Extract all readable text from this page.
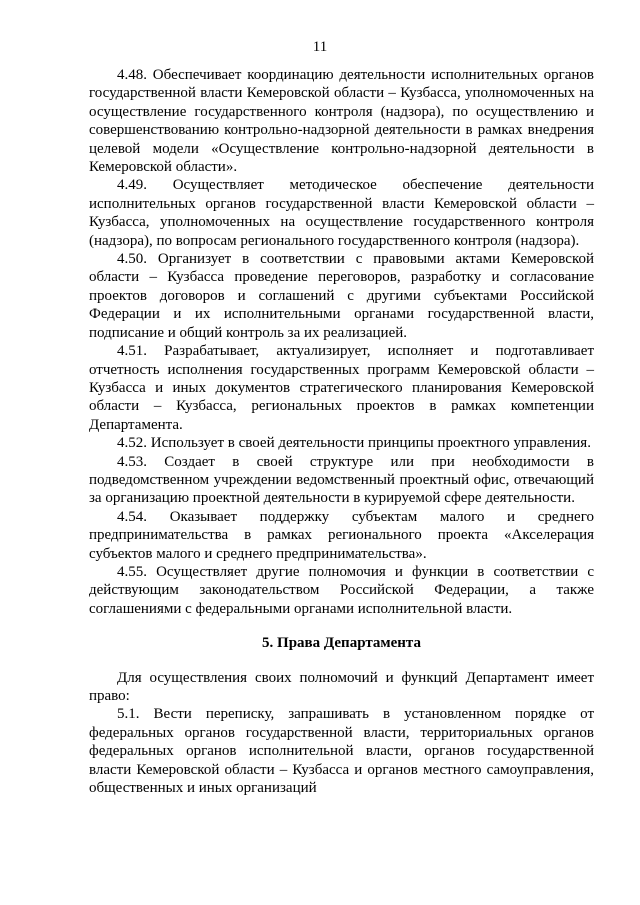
11

4.48. Обеспечивает координацию деятельности исполнительных органов государственной власти Кемеровской области – Кузбасса, уполномоченных на осуществление государственного контроля (надзора), по осуществлению и совершенствованию контрольно-надзорной деятельности в рамках внедрения целевой модели «Осуществление контрольно-надзорной деятельности в Кемеровской области».

4.49. Осуществляет методическое обеспечение деятельности исполнительных органов государственной власти Кемеровской области – Кузбасса, уполномоченных на осуществление государственного контроля (надзора), по вопросам регионального государственного контроля (надзора).

4.50. Организует в соответствии с правовыми актами Кемеровской области – Кузбасса проведение переговоров, разработку и согласование проектов договоров и соглашений с другими субъектами Российской Федерации и их исполнительными органами государственной власти, подписание и общий контроль за их реализацией.

4.51. Разрабатывает, актуализирует, исполняет и подготавливает отчетность исполнения государственных программ Кемеровской области – Кузбасса и иных документов стратегического планирования Кемеровской области – Кузбасса, региональных проектов в рамках компетенции Департамента.

4.52. Использует в своей деятельности принципы проектного управления.

4.53. Создает в своей структуре или при необходимости в подведомственном учреждении ведомственный проектный офис, отвечающий за организацию проектной деятельности в курируемой сфере деятельности.

4.54. Оказывает поддержку субъектам малого и среднего предпринимательства в рамках регионального проекта «Акселерация субъектов малого и среднего предпринимательства».

4.55. Осуществляет другие полномочия и функции в соответствии с действующим законодательством Российской Федерации, а также соглашениями с федеральными органами исполнительной власти.

5. Права Департамента

Для осуществления своих полномочий и функций Департамент имеет право:

5.1. Вести переписку, запрашивать в установленном порядке от федеральных органов государственной власти, территориальных органов федеральных органов исполнительной власти, органов государственной власти Кемеровской области – Кузбасса и органов местного самоуправления, общественных и иных организаций
